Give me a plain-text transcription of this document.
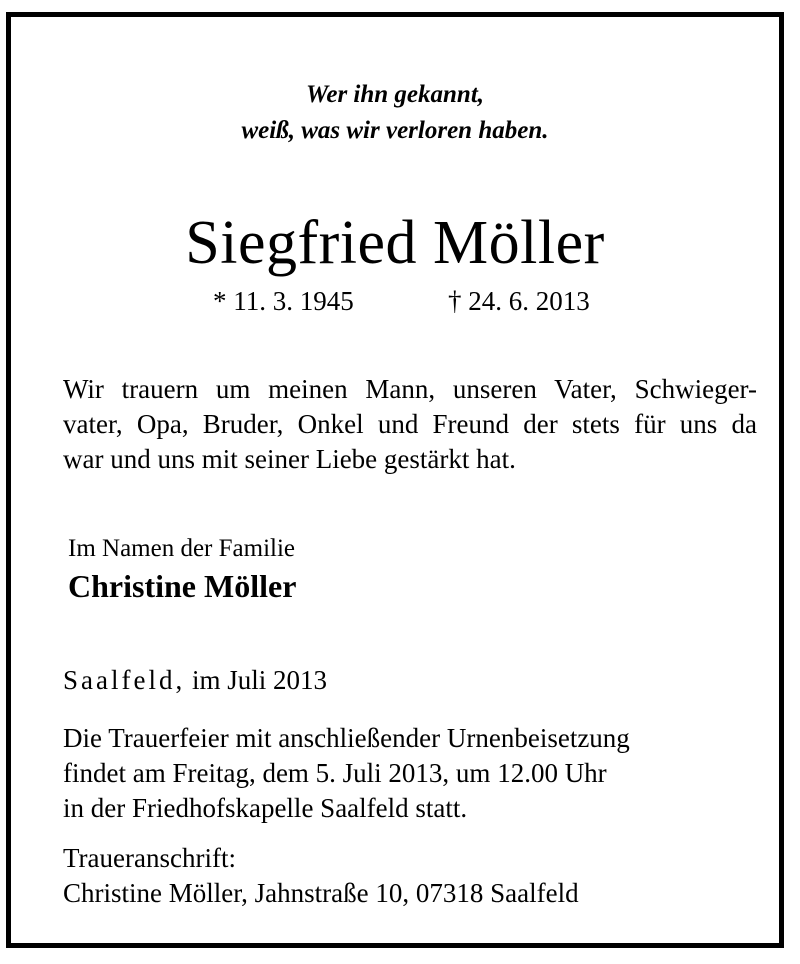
Wer ihn gekannt,
weiß, was wir verloren haben.
Siegfried Möller
* 11. 3. 1945	† 24. 6. 2013
Wir trauern um meinen Mann, unseren Vater, Schwieger-
vater, Opa, Bruder, Onkel und Freund der stets für uns da
war und uns mit seiner Liebe gestärkt hat.
Im Namen der Familie
Christine Möller
Saalfeld, im Juli 2013
Die Trauerfeier mit anschließender Urnenbeisetzung
findet am Freitag, dem 5. Juli 2013, um 12.00 Uhr
in der Friedhofskapelle Saalfeld statt.
Traueranschrift:
Christine Möller, Jahnstraße 10, 07318 Saalfeld
